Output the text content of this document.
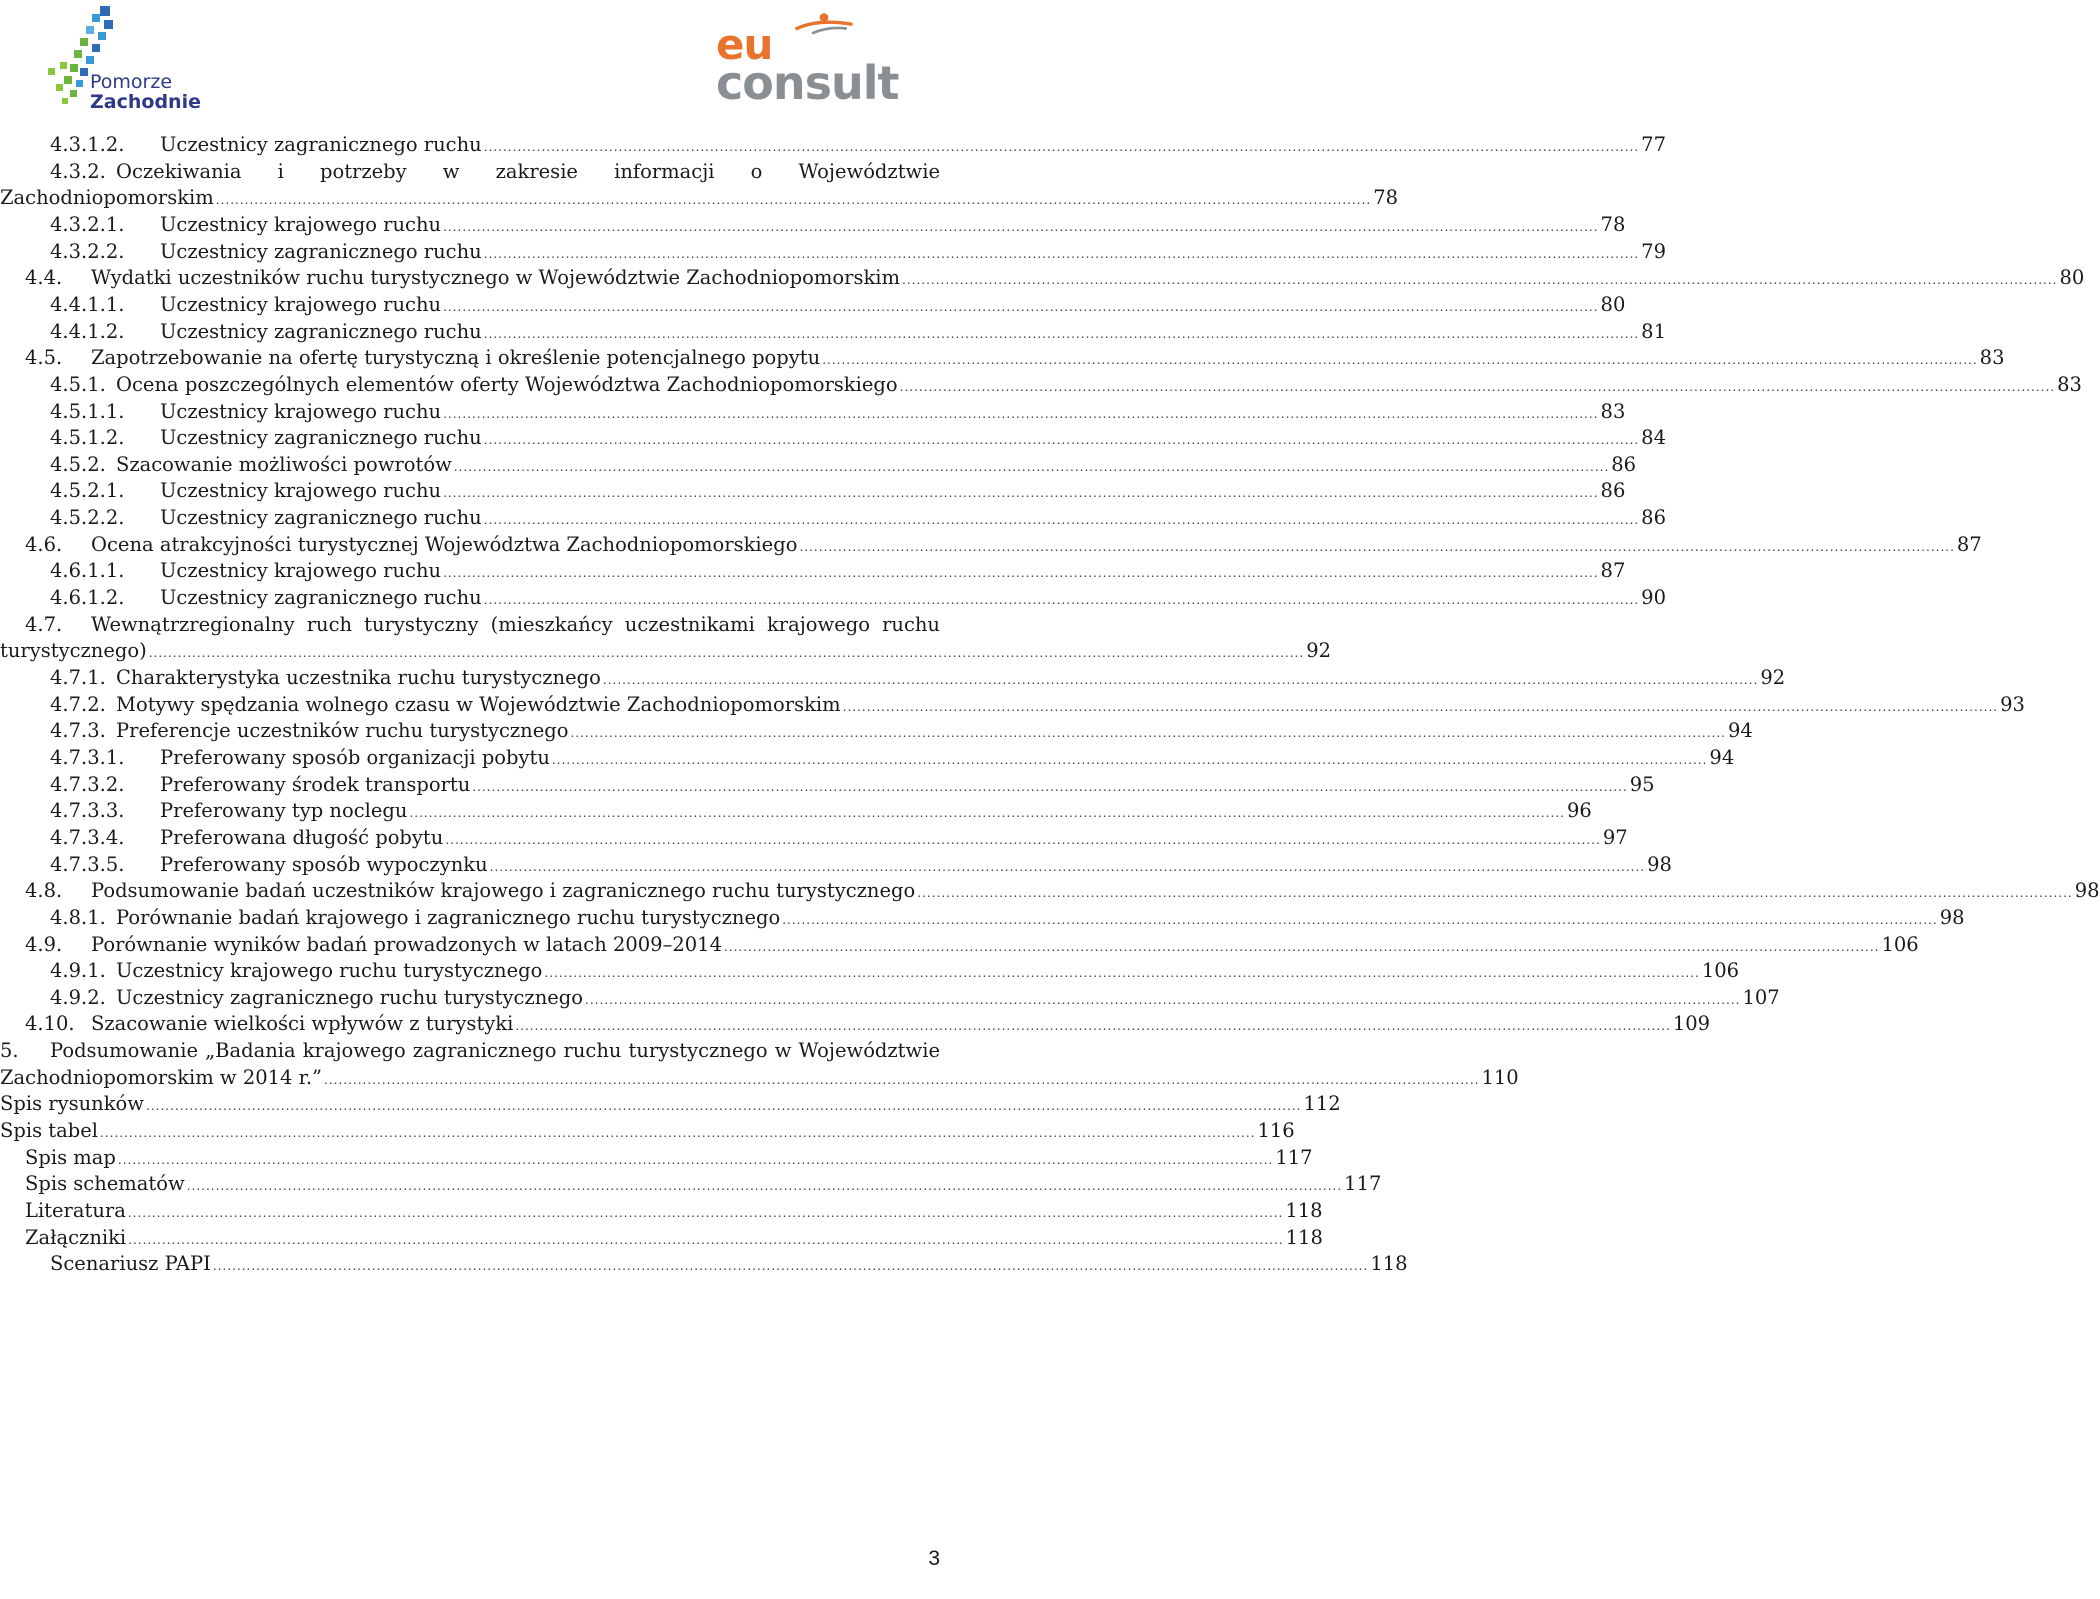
Pomorze
Zachodnie
eu
consult
4.3.1.2.	Uczestnicy zagranicznego ruchu .....	77
4.3.2. Oczekiwania i potrzeby w zakresie informacji o Województwie
Zachodniopomorskim .....	78
4.3.2.1.	Uczestnicy krajowego ruchu .....	78
4.3.2.2.	Uczestnicy zagranicznego ruchu .....	79
4.4.	Wydatki uczestników ruchu turystycznego w Województwie Zachodniopomorskim .....	80
4.4.1.1.	Uczestnicy krajowego ruchu .....	80
4.4.1.2.	Uczestnicy zagranicznego ruchu .....	81
4.5.	Zapotrzebowanie na ofertę turystyczną i określenie potencjalnego popytu .....	83
4.5.1. Ocena poszczególnych elementów oferty Województwa Zachodniopomorskiego .....	83
4.5.1.1.	Uczestnicy krajowego ruchu .....	83
4.5.1.2.	Uczestnicy zagranicznego ruchu .....	84
4.5.2. Szacowanie możliwości powrotów .....	86
4.5.2.1.	Uczestnicy krajowego ruchu .....	86
4.5.2.2.	Uczestnicy zagranicznego ruchu .....	86
4.6.	Ocena atrakcyjności turystycznej Województwa Zachodniopomorskiego .....	87
4.6.1.1.	Uczestnicy krajowego ruchu .....	87
4.6.1.2.	Uczestnicy zagranicznego ruchu .....	90
4.7.	Wewnątrzregionalny ruch turystyczny (mieszkańcy uczestnikami krajowego ruchu
turystycznego) .....	92
4.7.1. Charakterystyka uczestnika ruchu turystycznego .....	92
4.7.2. Motywy spędzania wolnego czasu w Województwie Zachodniopomorskim .....	93
4.7.3. Preferencje uczestników ruchu turystycznego .....	94
4.7.3.1.	Preferowany sposób organizacji pobytu .....	94
4.7.3.2.	Preferowany środek transportu .....	95
4.7.3.3.	Preferowany typ noclegu .....	96
4.7.3.4.	Preferowana długość pobytu .....	97
4.7.3.5.	Preferowany sposób wypoczynku .....	98
4.8.	Podsumowanie badań uczestników krajowego i zagranicznego ruchu turystycznego .....	98
4.8.1. Porównanie badań krajowego i zagranicznego ruchu turystycznego .....	98
4.9.	Porównanie wyników badań prowadzonych w latach 2009–2014 .....	106
4.9.1. Uczestnicy krajowego ruchu turystycznego .....	106
4.9.2. Uczestnicy zagranicznego ruchu turystycznego .....	107
4.10. Szacowanie wielkości wpływów z turystyki .....	109
5.	Podsumowanie „Badania krajowego zagranicznego ruchu turystycznego w Województwie
Zachodniopomorskim w 2014 r.” .....	110
Spis rysunków .....	112
Spis tabel .....	116
Spis map .....	117
Spis schematów .....	117
Literatura .....	118
Załączniki .....	118
Scenariusz PAPI .....	118
3
